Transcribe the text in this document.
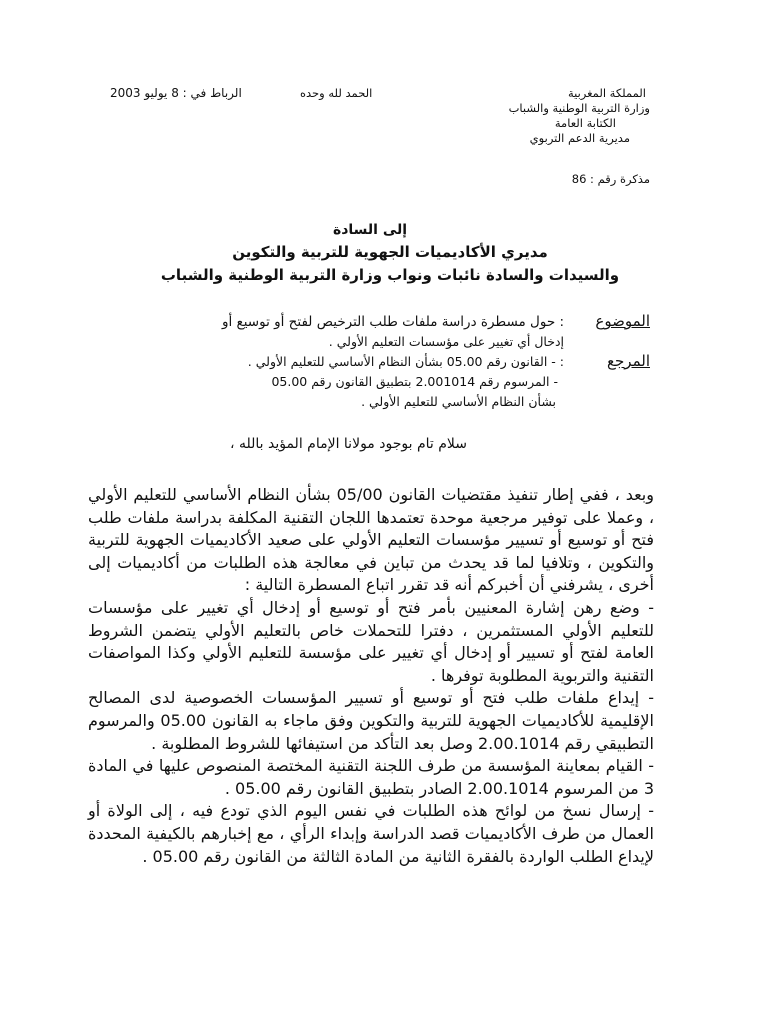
المملكة المغربية
وزارة التربية الوطنية والشباب
الكتابة العامة
مديرية الدعم التربوي
الحمد لله وحده
الرباط في : 8 يوليو 2003
مذكرة رقم : 86
إلى السادة
مديري الأكاديميات الجهوية للتربية والتكوين
والسيدات والسادة نائبات ونواب وزارة التربية الوطنية والشباب
الموضوع
: حول مسطرة دراسة ملفات طلب الترخيص لفتح أو توسيع أو
إدخال أي تغيير على مؤسسات التعليم الأولي .
المرجع
: - القانون رقم 05.00 بشأن النظام الأساسي للتعليم الأولي .
- المرسوم رقم 2.001014 بتطبيق القانون رقم 05.00
بشأن النظام الأساسي للتعليم الأولي .
سلام تام بوجود مولانا الإمام المؤيد بالله ،

وبعد ، ففي إطار تنفيذ مقتضيات القانون 05/00 بشأن النظام الأساسي للتعليم الأولي ، وعملا على توفير مرجعية موحدة تعتمدها اللجان التقنية المكلفة بدراسة ملفات طلب فتح أو توسيع أو تسيير مؤسسات التعليم الأولي على صعيد الأكاديميات الجهوية للتربية والتكوين ، وتلافيا لما قد يحدث من تباين في معالجة هذه الطلبات من أكاديميات إلى أخرى ، يشرفني أن أخبركم أنه قد تقرر اتباع المسطرة التالية :

- وضع رهن إشارة المعنيين بأمر فتح أو توسيع أو إدخال أي تغيير على مؤسسات للتعليم الأولي المستثمرين ، دفترا للتحملات خاص بالتعليم الأولي يتضمن الشروط العامة لفتح أو تسيير أو إدخال أي تغيير على مؤسسة للتعليم الأولي وكذا المواصفات التقنية والتربوية المطلوبة توفرها .

- إيداع ملفات طلب فتح أو توسيع أو تسيير المؤسسات الخصوصية لدى المصالح الإقليمية للأكاديميات الجهوية للتربية والتكوين وفق ماجاء به القانون 05.00 والمرسوم التطبيقي رقم 2.00.1014 وصل بعد التأكد من استيفائها للشروط المطلوبة .

- القيام بمعاينة المؤسسة من طرف اللجنة التقنية المختصة المنصوص عليها في المادة 3 من المرسوم 2.00.1014 الصادر بتطبيق القانون رقم 05.00 .

- إرسال نسخ من لوائح هذه الطلبات في نفس اليوم الذي تودع فيه ، إلى الولاة أو العمال من طرف الأكاديميات قصد الدراسة وإبداء الرأي ، مع إخبارهم بالكيفية المحددة لإيداع الطلب الواردة بالفقرة الثانية من المادة الثالثة من القانون رقم 05.00 .
